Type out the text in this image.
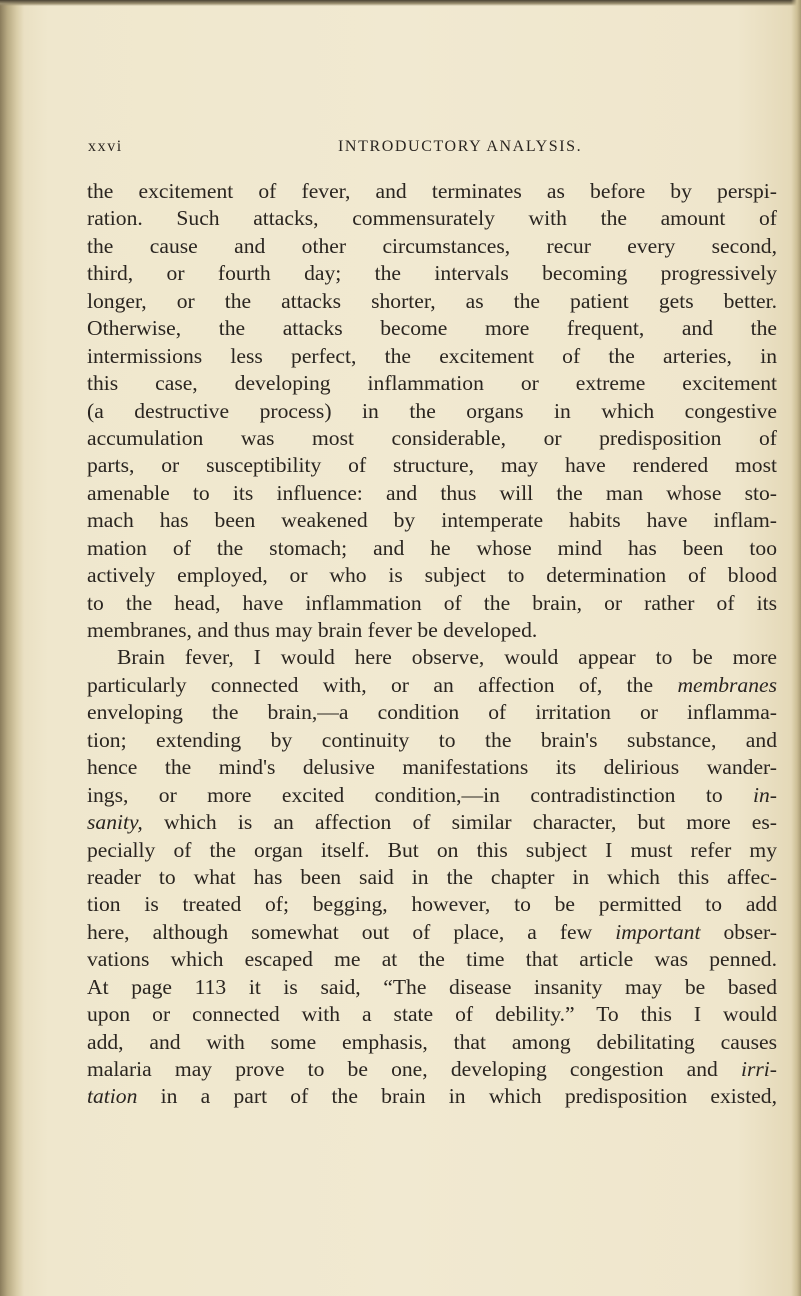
xxvi	INTRODUCTORY ANALYSIS.
the excitement of fever, and terminates as before by perspi-
ration. Such attacks, commensurately with the amount of
the cause and other circumstances, recur every second,
third, or fourth day; the intervals becoming progressively
longer, or the attacks shorter, as the patient gets better.
Otherwise, the attacks become more frequent, and the
intermissions less perfect, the excitement of the arteries, in
this case, developing inflammation or extreme excitement
(a destructive process) in the organs in which congestive
accumulation was most considerable, or predisposition of
parts, or susceptibility of structure, may have rendered most
amenable to its influence: and thus will the man whose sto-
mach has been weakened by intemperate habits have inflam-
mation of the stomach; and he whose mind has been too
actively employed, or who is subject to determination of blood
to the head, have inflammation of the brain, or rather of its
membranes, and thus may brain fever be developed.
Brain fever, I would here observe, would appear to be more
particularly connected with, or an affection of, the membranes
enveloping the brain,—a condition of irritation or inflamma-
tion; extending by continuity to the brain's substance, and
hence the mind's delusive manifestations its delirious wander-
ings, or more excited condition,—in contradistinction to in-
sanity, which is an affection of similar character, but more es-
pecially of the organ itself. But on this subject I must refer my
reader to what has been said in the chapter in which this affec-
tion is treated of; begging, however, to be permitted to add
here, although somewhat out of place, a few important obser-
vations which escaped me at the time that article was penned.
At page 113 it is said, “The disease insanity may be based
upon or connected with a state of debility.” To this I would
add, and with some emphasis, that among debilitating causes
malaria may prove to be one, developing congestion and irri-
tation in a part of the brain in which predisposition existed,
